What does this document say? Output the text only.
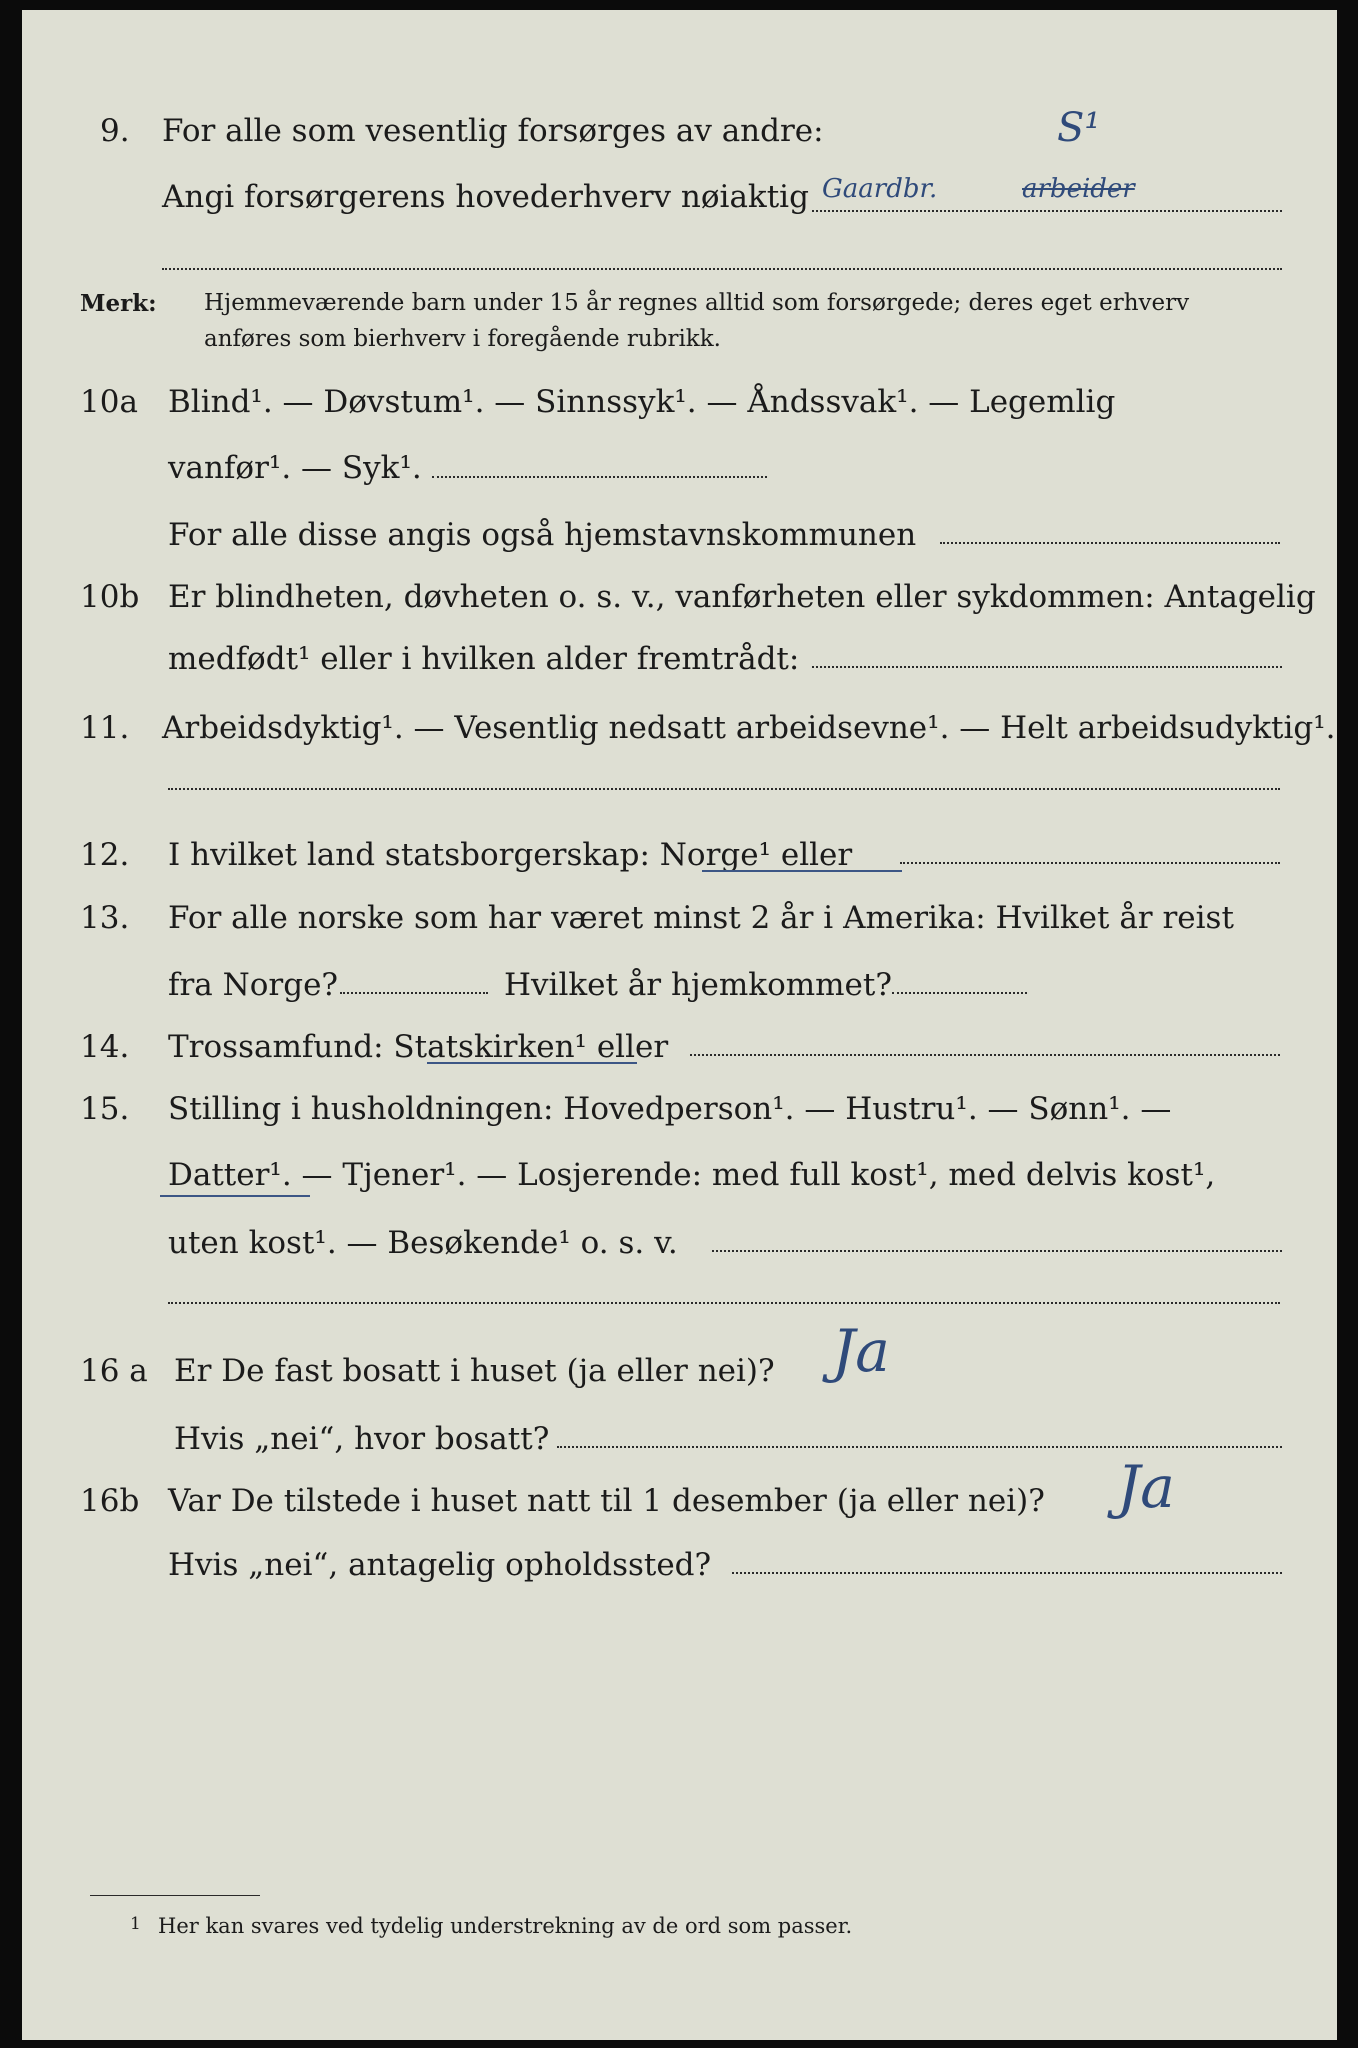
9. For alle som vesentlig forsørges av andre:	S¹
Angi forsørgerens hovederhverv nøiaktig Gaardbr.	arbeider
Merk: Hjemmeværende barn under 15 år regnes alltid som forsørgede; deres eget erhverv
anføres som bierhverv i foregående rubrikk.
10a Blind¹. — Døvstum¹. — Sinnssyk¹. — Åndssvak¹. — Legemlig
vanfør¹. — Syk¹.
For alle disse angis også hjemstavnskommunen
10b Er blindheten, døvheten o. s. v., vanførheten eller sykdommen: Antagelig
medfødt¹ eller i hvilken alder fremtrådt:
11. Arbeidsdyktig¹. — Vesentlig nedsatt arbeidsevne¹. — Helt arbeidsudyktig¹.
12. I hvilket land statsborgerskap: Norge¹ eller
13. For alle norske som har været minst 2 år i Amerika: Hvilket år reist
fra Norge?	Hvilket år hjemkommet?
14. Trossamfund: Statskirken¹ eller
15. Stilling i husholdningen: Hovedperson¹. — Hustru¹. — Sønn¹. —
Datter¹. — Tjener¹. — Losjerende: med full kost¹, med delvis kost¹,
uten kost¹. — Besøkende¹ o. s. v.
16 a Er De fast bosatt i huset (ja eller nei)? Ja
Hvis „nei“, hvor bosatt?
16b Var De tilstede i huset natt til 1 desember (ja eller nei)? Ja
Hvis „nei“, antagelig opholdssted?
1 Her kan svares ved tydelig understrekning av de ord som passer.
